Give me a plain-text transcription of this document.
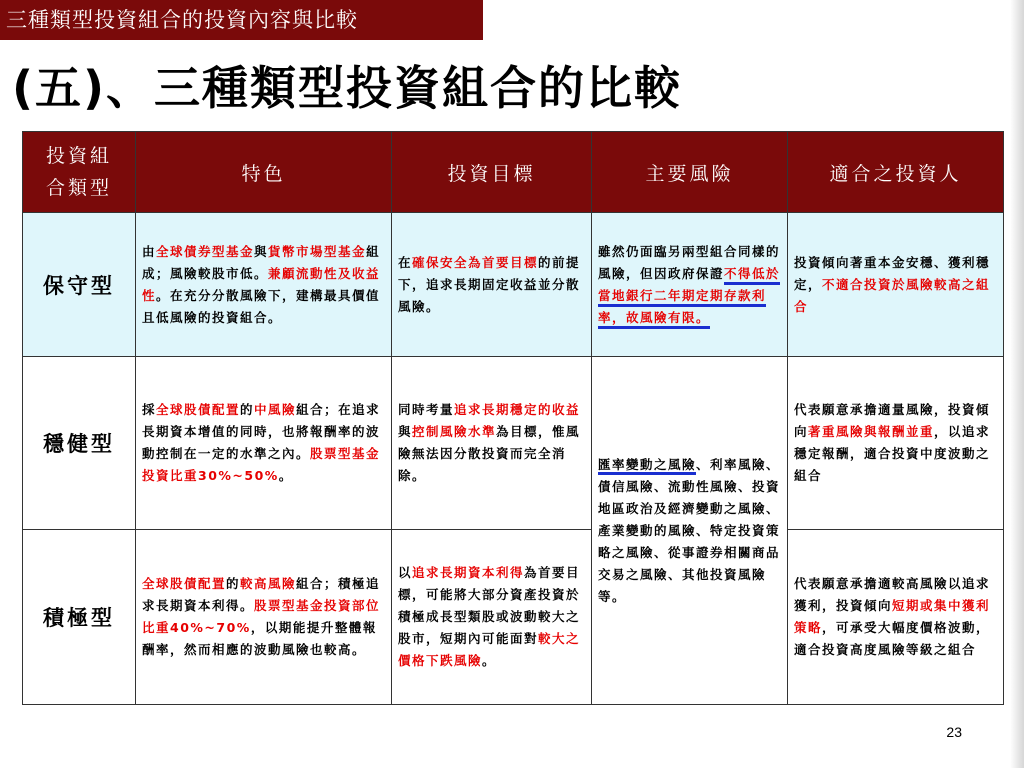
三種類型投資組合的投資內容與比較
(五)、三種類型投資組合的比較
投資組
合類型	特色	投資目標	主要風險	適合之投資人
保守型	由全球債券型基金與貨幣市場型基金組成；風險較股市低。兼顧流動性及收益性。在充分分散風險下，建構最具價值且低風險的投資組合。	在確保安全為首要目標的前提下，追求長期固定收益並分散風險。	雖然仍面臨另兩型組合同樣的風險，但因政府保證不得低於當地銀行二年期定期存款利率，故風險有限。	投資傾向著重本金安穩、獲利穩定，不適合投資於風險較高之組合
穩健型	採全球股債配置的中風險組合；在追求長期資本增值的同時，也將報酬率的波動控制在一定的水準之內。股票型基金投資比重30%~50%。	同時考量追求長期穩定的收益與控制風險水準為目標，惟風險無法因分散投資而完全消除。	匯率變動之風險、利率風險、債信風險、流動性風險、投資地區政治及經濟變動之風險、產業變動的風險、特定投資策略之風險、從事證券相關商品交易之風險、其他投資風險等。	代表願意承擔適量風險，投資傾向著重風險與報酬並重，以追求穩定報酬，適合投資中度波動之組合
積極型	全球股債配置的較高風險組合；積極追求長期資本利得。股票型基金投資部位比重40%~70%，以期能提升整體報酬率，然而相應的波動風險也較高。	以追求長期資本利得為首要目標，可能將大部分資產投資於積極成長型類股或波動較大之股市，短期內可能面對較大之價格下跌風險。		代表願意承擔適較高風險以追求獲利，投資傾向短期或集中獲利策略，可承受大幅度價格波動，適合投資高度風險等級之組合
23
